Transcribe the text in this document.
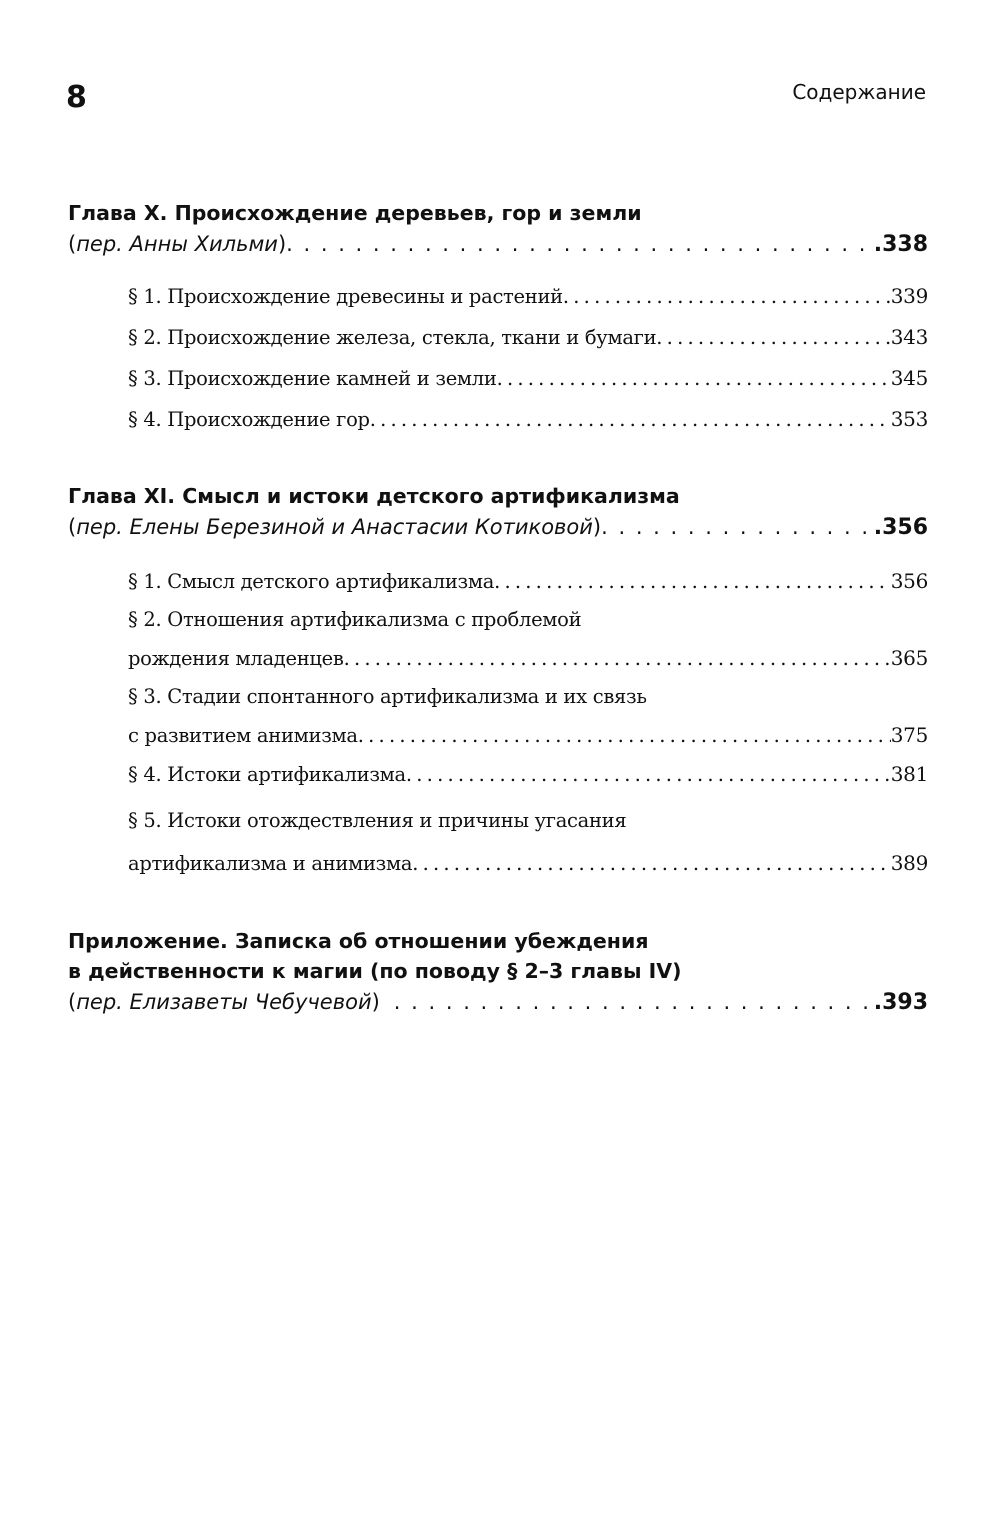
8	Содержание
Глава X. Происхождение деревьев, гор и земли
( пер. Анны Хильми ) . . .	.338
§ 1. Происхождение древесины и растений . . .	339
§ 2. Происхождение железа, стекла, ткани и бумаги . . .	343
§ 3. Происхождение камней и земли . . .	345
§ 4. Происхождение гор . . .	353
Глава XI. Смысл и истоки детского артификализма
( пер. Елены Березиной и Анастасии Котиковой ) . . .	.356
§ 1. Смысл детского артификализма . . .	356
§ 2. Отношения артификализма с проблемой
рождения младенцев . . .	365
§ 3. Стадии спонтанного артификализма и их связь
с развитием анимизма . . .	375
§ 4. Истоки артификализма . . .	381
§ 5. Истоки отождествления и причины угасания
артификализма и анимизма . . .	389
Приложение. Записка об отношении убеждения
в действенности к магии (по поводу § 2–3 главы IV)
( пер. Елизаветы Чебучевой ) . . .	.393
